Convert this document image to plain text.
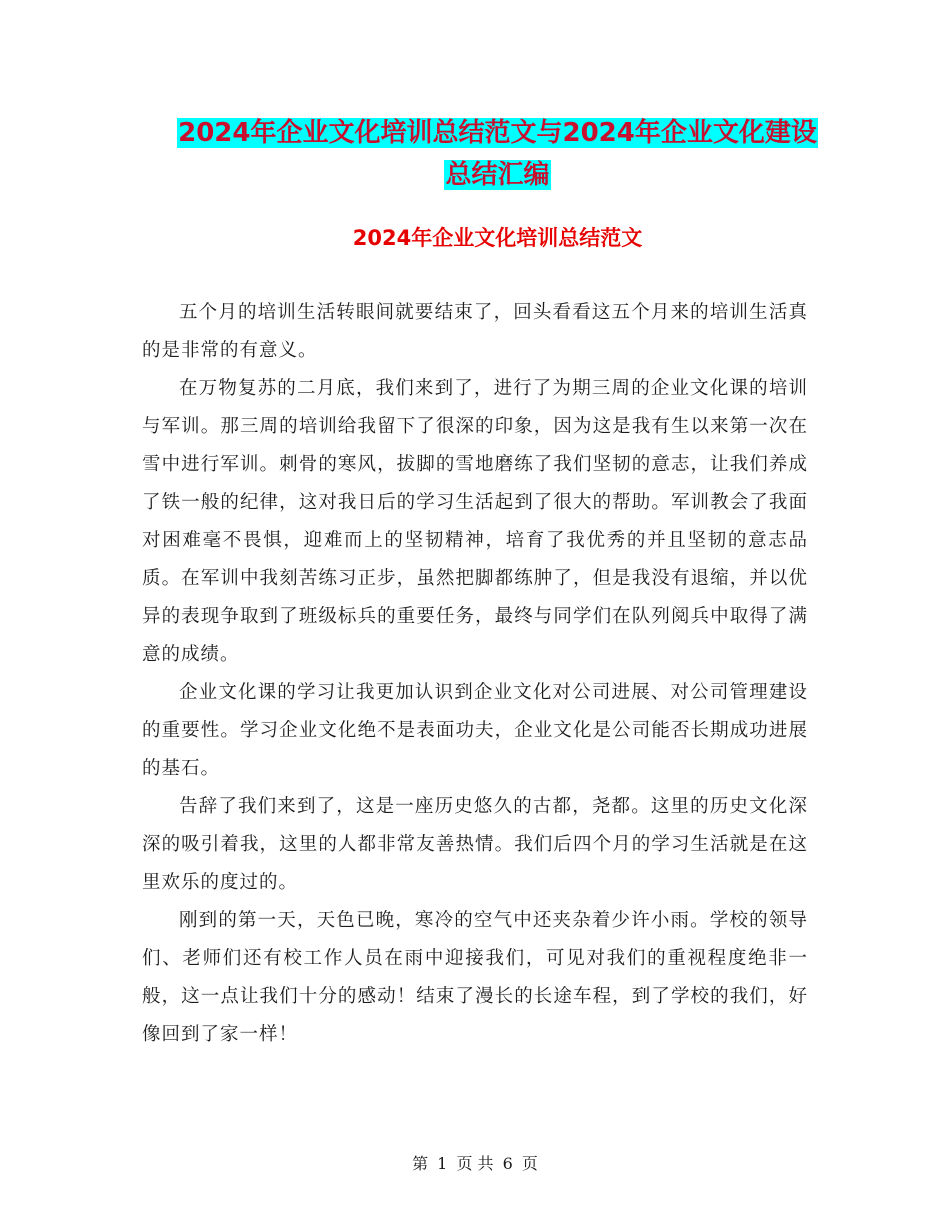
2024年企业文化培训总结范文与2024年企业文化建设
总结汇编
2024年企业文化培训总结范文

五个月的培训生活转眼间就要结束了，回头看看这五个月来的培训生活真的是非常的有意义。

在万物复苏的二月底，我们来到了，进行了为期三周的企业文化课的培训与军训。那三周的培训给我留下了很深的印象，因为这是我有生以来第一次在雪中进行军训。刺骨的寒风，拔脚的雪地磨练了我们坚韧的意志，让我们养成了铁一般的纪律，这对我日后的学习生活起到了很大的帮助。军训教会了我面对困难毫不畏惧，迎难而上的坚韧精神，培育了我优秀的并且坚韧的意志品质。在军训中我刻苦练习正步，虽然把脚都练肿了，但是我没有退缩，并以优异的表现争取到了班级标兵的重要任务，最终与同学们在队列阅兵中取得了满意的成绩。

企业文化课的学习让我更加认识到企业文化对公司进展、对公司管理建设的重要性。学习企业文化绝不是表面功夫，企业文化是公司能否长期成功进展的基石。

告辞了我们来到了，这是一座历史悠久的古都，尧都。这里的历史文化深深的吸引着我，这里的人都非常友善热情。我们后四个月的学习生活就是在这里欢乐的度过的。

刚到的第一天，天色已晚，寒冷的空气中还夹杂着少许小雨。学校的领导们、老师们还有校工作人员在雨中迎接我们，可见对我们的重视程度绝非一般，这一点让我们十分的感动！结束了漫长的长途车程，到了学校的我们，好像回到了家一样！

第 1 页 共 6 页
